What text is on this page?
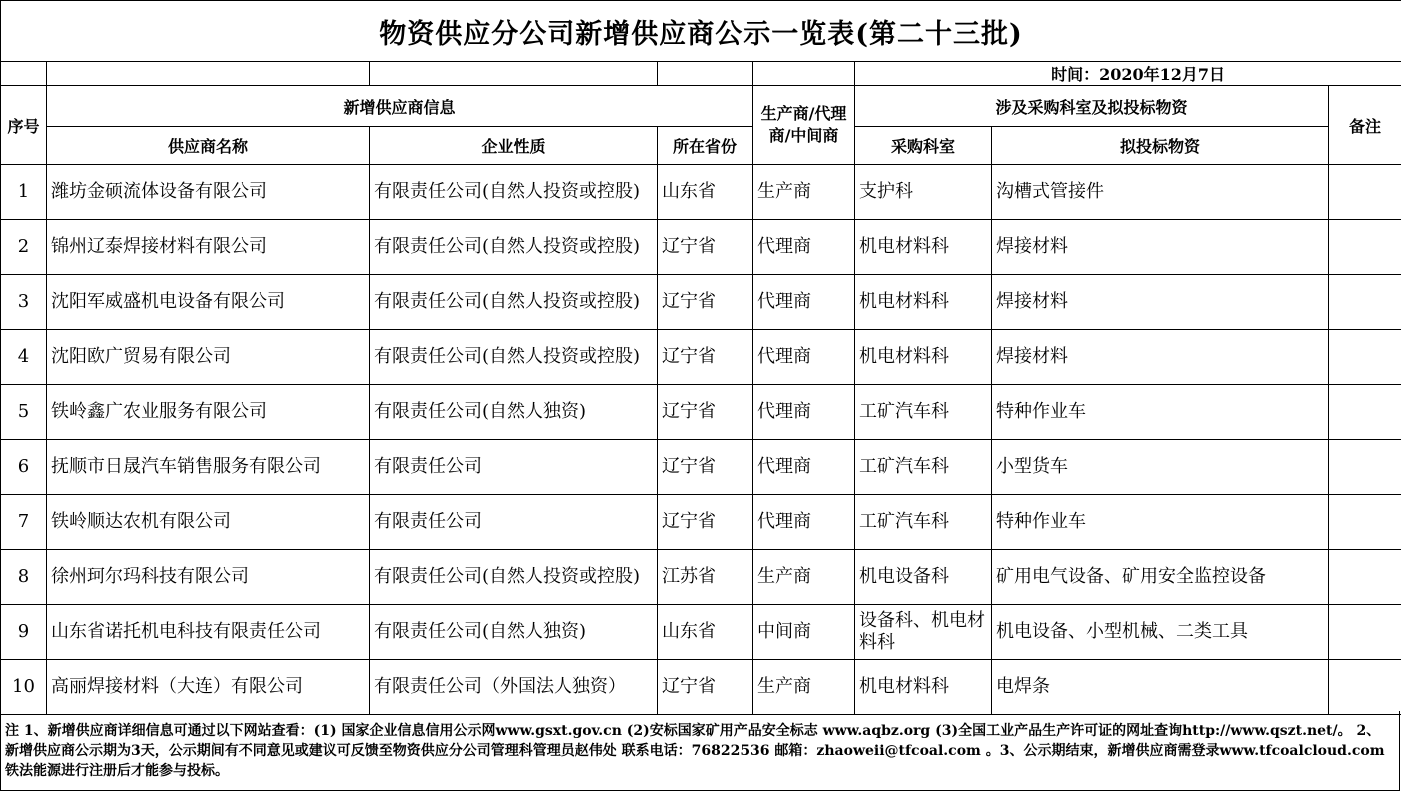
物资供应分公司新增供应商公示一览表(第二十三批)							
					时间：2020年12月7日		
序号	新增供应商信息			生产商/代理商/中间商	涉及采购科室及拟投标物资		备注
	供应商名称	企业性质	所在省份		采购科室	拟投标物资	
1	潍坊金硕流体设备有限公司	有限责任公司(自然人投资或控股)	山东省	生产商	支护科	沟槽式管接件	
2	锦州辽泰焊接材料有限公司	有限责任公司(自然人投资或控股)	辽宁省	代理商	机电材料科	焊接材料	
3	沈阳军威盛机电设备有限公司	有限责任公司(自然人投资或控股)	辽宁省	代理商	机电材料科	焊接材料	
4	沈阳欧广贸易有限公司	有限责任公司(自然人投资或控股)	辽宁省	代理商	机电材料科	焊接材料	
5	铁岭鑫广农业服务有限公司	有限责任公司(自然人独资)	辽宁省	代理商	工矿汽车科	特种作业车	
6	抚顺市日晟汽车销售服务有限公司	有限责任公司	辽宁省	代理商	工矿汽车科	小型货车	
7	铁岭顺达农机有限公司	有限责任公司	辽宁省	代理商	工矿汽车科	特种作业车	
8	徐州珂尔玛科技有限公司	有限责任公司(自然人投资或控股)	江苏省	生产商	机电设备科	矿用电气设备、矿用安全监控设备	
9	山东省诺托机电科技有限责任公司	有限责任公司(自然人独资)	山东省	中间商	设备科、机电材料科	机电设备、小型机械、二类工具	
10	高丽焊接材料（大连）有限公司	有限责任公司（外国法人独资）	辽宁省	生产商	机电材料科	电焊条	
注 1、新增供应商详细信息可通过以下网站查看：(1) 国家企业信息信用公示网www.gsxt.gov.cn (2)安标国家矿用产品安全标志 www.aqbz.org (3)全国工业产品生产许可证的网址查询http://www.qszt.net/。 2、新增供应商公示期为3天，公示期间有不同意见或建议可反馈至物资供应分公司管理科管理员赵伟处 联系电话：76822536 邮箱：zhaoweii@tfcoal.com 。3、公示期结束，新增供应商需登录www.tfcoalcloud.com铁法能源进行注册后才能参与投标。
